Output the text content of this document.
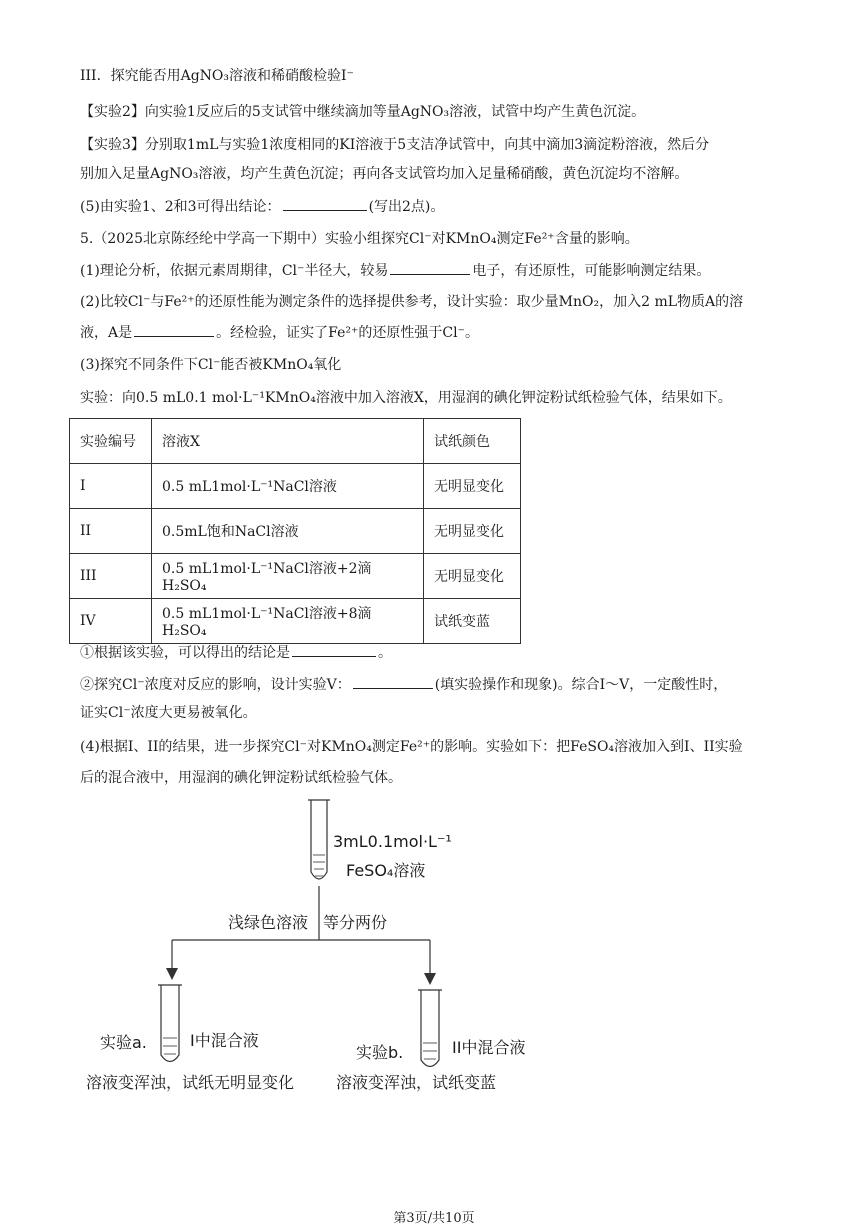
III．探究能否用AgNO₃溶液和稀硝酸检验I⁻
【实验2】向实验1反应后的5支试管中继续滴加等量AgNO₃溶液，试管中均产生黄色沉淀。
【实验3】分别取1mL与实验1浓度相同的KI溶液于5支洁净试管中，向其中滴加3滴淀粉溶液，然后分
别加入足量AgNO₃溶液，均产生黄色沉淀；再向各支试管均加入足量稀硝酸，黄色沉淀均不溶解。
(5)由实验1、2和3可得出结论：	(写出2点)。
5.（2025北京陈经纶中学高一下期中）实验小组探究Cl⁻对KMnO₄测定Fe²⁺含量的影响。
(1)理论分析，依据元素周期律，Cl⁻半径大，较易	电子，有还原性，可能影响测定结果。
(2)比较Cl⁻与Fe²⁺的还原性能为测定条件的选择提供参考，设计实验：取少量MnO₂，加入2 mL物质A的溶
液，A是	。经检验，证实了Fe²⁺的还原性强于Cl⁻。
(3)探究不同条件下Cl⁻能否被KMnO₄氧化
实验：向0.5 mL0.1 mol·L⁻¹KMnO₄溶液中加入溶液X，用湿润的碘化钾淀粉试纸检验气体，结果如下。
实验编号	溶液X	试纸颜色
I	0.5 mL1mol·L⁻¹NaCl溶液	无明显变化
II	0.5mL饱和NaCl溶液	无明显变化
III	0.5 mL1mol·L⁻¹NaCl溶液+2滴H₂SO₄	无明显变化
IV	0.5 mL1mol·L⁻¹NaCl溶液+8滴H₂SO₄	试纸变蓝
①根据该实验，可以得出的结论是	。
②探究Cl⁻浓度对反应的影响，设计实验V：	(填实验操作和现象)。综合I～V，一定酸性时，
证实Cl⁻浓度大更易被氧化。
(4)根据I、II的结果，进一步探究Cl⁻对KMnO₄测定Fe²⁺的影响。实验如下：把FeSO₄溶液加入到I、II实验
后的混合液中，用湿润的碘化钾淀粉试纸检验气体。
3mL0.1mol·L⁻¹
FeSO₄溶液
浅绿色溶液 等分两份
实验a.	I中混合液
溶液变浑浊，试纸无明显变化
实验b.	II中混合液
溶液变浑浊，试纸变蓝
第3页/共10页
